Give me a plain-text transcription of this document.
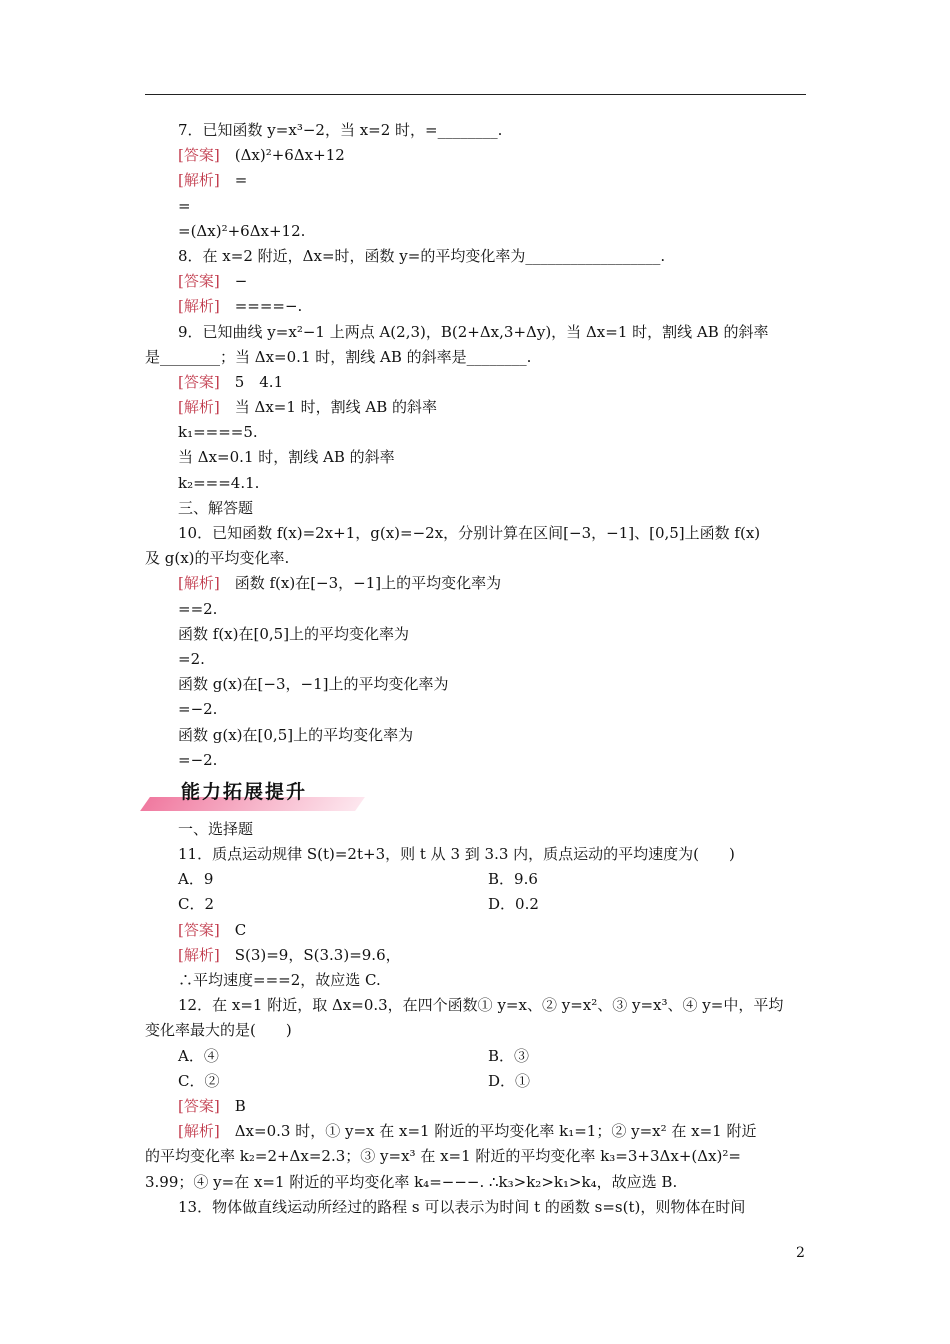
7．已知函数 y=x³−2，当 x=2 时，=________.
[答案]　(Δx)²+6Δx+12
[解析]　=
=
=(Δx)²+6Δx+12.
8．在 x=2 附近，Δx=时，函数 y=的平均变化率为__________________.
[答案]　−
[解析]　====−.
9．已知曲线 y=x²−1 上两点 A(2,3)，B(2+Δx,3+Δy)，当 Δx=1 时，割线 AB 的斜率
是________；当 Δx=0.1 时，割线 AB 的斜率是________.
[答案]　5　4.1
[解析]　当 Δx=1 时，割线 AB 的斜率
k₁====5.
当 Δx=0.1 时，割线 AB 的斜率
k₂===4.1.
三、解答题
10．已知函数 f(x)=2x+1，g(x)=−2x，分别计算在区间[−3，−1]、[0,5]上函数 f(x)
及 g(x)的平均变化率.
[解析]　函数 f(x)在[−3，−1]上的平均变化率为
==2.
函数 f(x)在[0,5]上的平均变化率为
=2.
函数 g(x)在[−3，−1]上的平均变化率为
=−2.
函数 g(x)在[0,5]上的平均变化率为
=−2.
能力拓展提升
一、选择题
11．质点运动规律 S(t)=2t+3，则 t 从 3 到 3.3 内，质点运动的平均速度为(　　)
A．9	B．9.6
C．2	D．0.2
[答案]　C
[解析]　S(3)=9，S(3.3)=9.6，
∴平均速度===2，故应选 C.
12．在 x=1 附近，取 Δx=0.3，在四个函数① y=x、② y=x²、③ y=x³、④ y=中，平均
变化率最大的是(　　)
A．④	B．③
C．②	D．①
[答案]　B
[解析]　Δx=0.3 时，① y=x 在 x=1 附近的平均变化率 k₁=1；② y=x² 在 x=1 附近
的平均变化率 k₂=2+Δx=2.3；③ y=x³ 在 x=1 附近的平均变化率 k₃=3+3Δx+(Δx)²=
3.99；④ y=在 x=1 附近的平均变化率 k₄=−−−. ∴k₃>k₂>k₁>k₄，故应选 B.
13．物体做直线运动所经过的路程 s 可以表示为时间 t 的函数 s=s(t)，则物体在时间
2
